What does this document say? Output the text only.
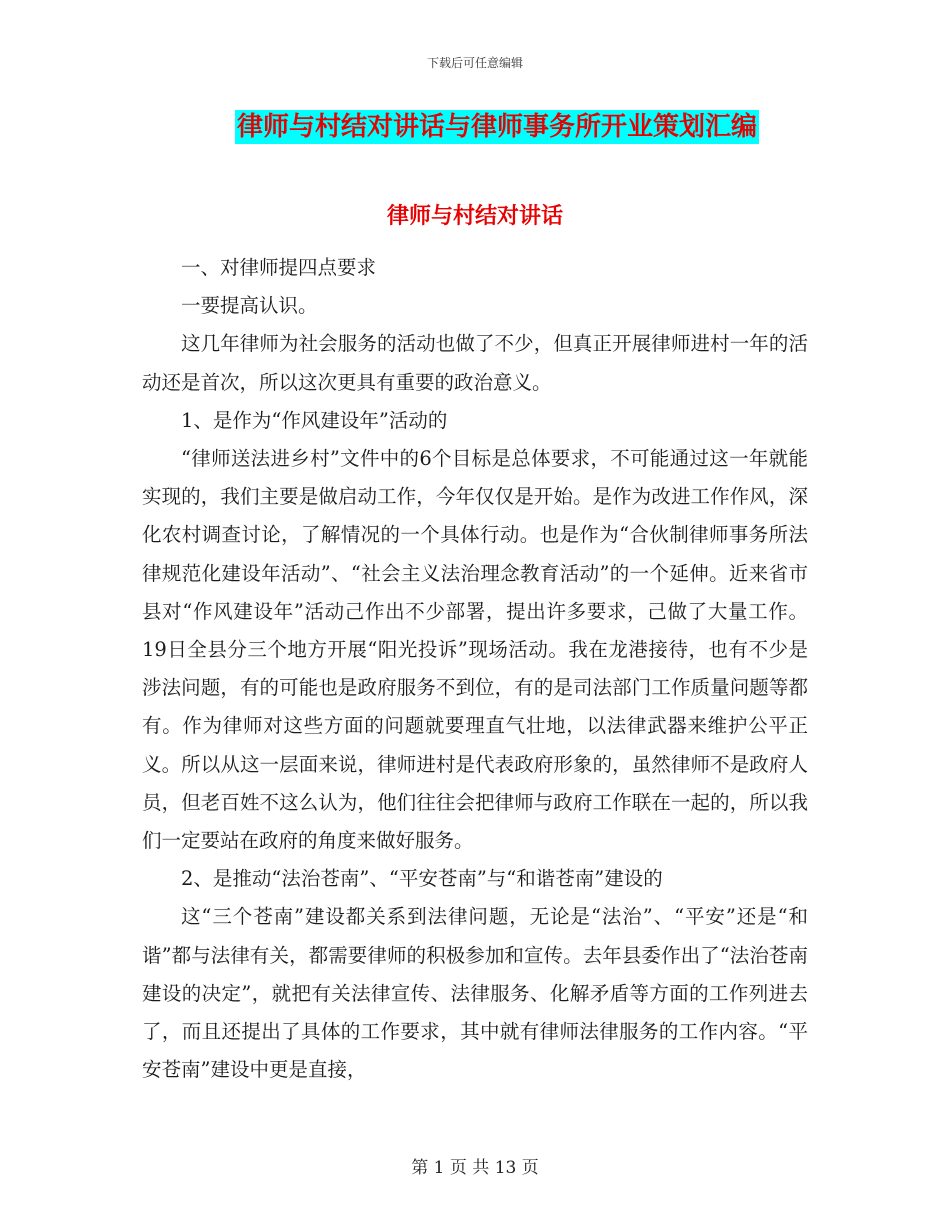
下载后可任意编辑
律师与村结对讲话与律师事务所开业策划汇编
律师与村结对讲话

一、对律师提四点要求

一要提高认识。

这几年律师为社会服务的活动也做了不少，但真正开展律师进村一年的活动还是首次，所以这次更具有重要的政治意义。

1、是作为“作风建设年”活动的

“律师送法进乡村”文件中的6个目标是总体要求，不可能通过这一年就能实现的，我们主要是做启动工作，今年仅仅是开始。是作为改进工作作风，深化农村调查讨论，了解情况的一个具体行动。也是作为“合伙制律师事务所法律规范化建设年活动”、“社会主义法治理念教育活动”的一个延伸。近来省市县对“作风建设年”活动己作出不少部署，提出许多要求，己做了大量工作。19日全县分三个地方开展“阳光投诉”现场活动。我在龙港接待，也有不少是涉法问题，有的可能也是政府服务不到位，有的是司法部门工作质量问题等都有。作为律师对这些方面的问题就要理直气壮地，以法律武器来维护公平正义。所以从这一层面来说，律师进村是代表政府形象的，虽然律师不是政府人员，但老百姓不这么认为，他们往往会把律师与政府工作联在一起的，所以我们一定要站在政府的角度来做好服务。

2、是推动“法治苍南”、“平安苍南”与“和谐苍南”建设的

这“三个苍南”建设都关系到法律问题，无论是“法治”、“平安”还是“和谐”都与法律有关，都需要律师的积极参加和宣传。去年县委作出了“法治苍南建设的决定”，就把有关法律宣传、法律服务、化解矛盾等方面的工作列进去了，而且还提出了具体的工作要求，其中就有律师法律服务的工作内容。“平安苍南”建设中更是直接，

第 1 页 共 13 页
